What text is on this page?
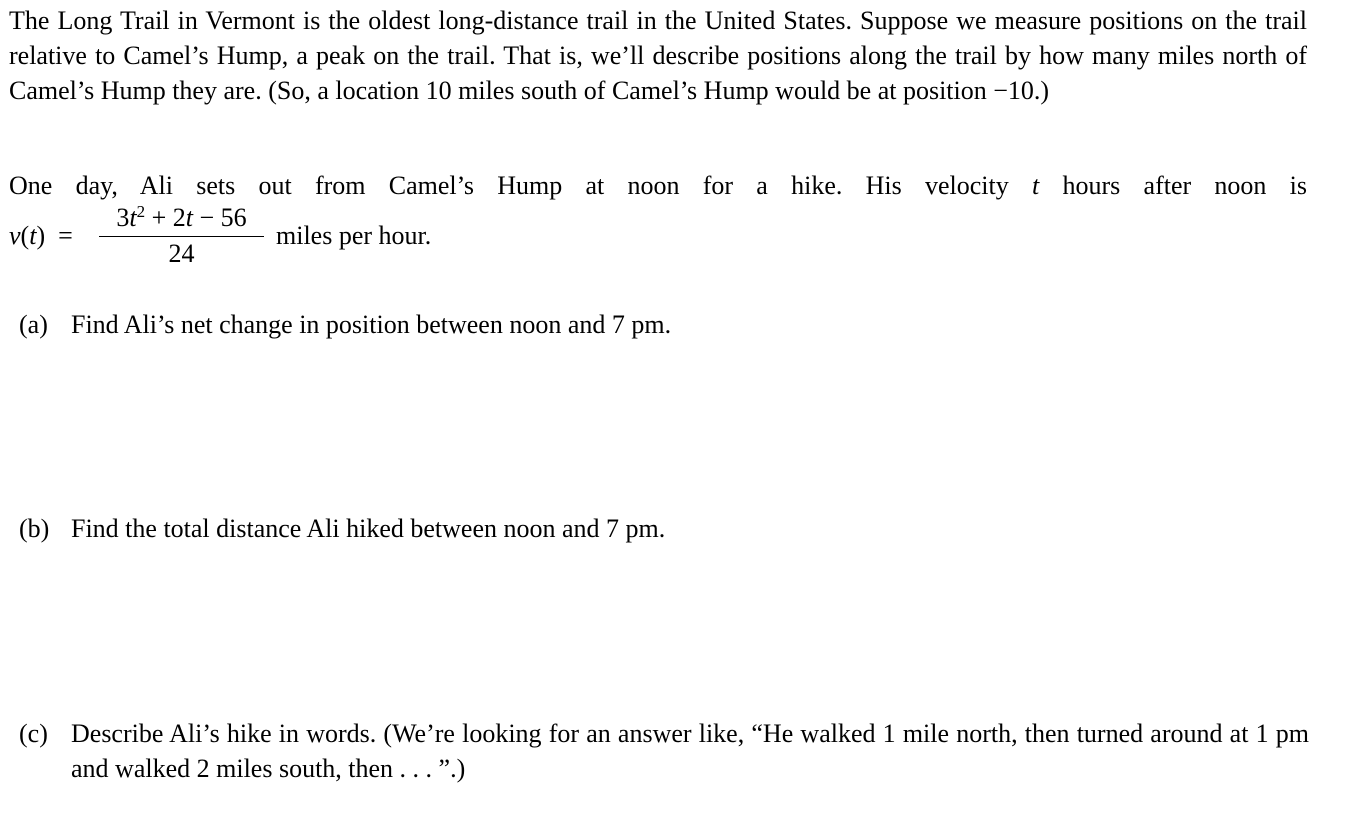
The Long Trail in Vermont is the oldest long-distance trail in the United States. Suppose we measure positions on the trail relative to Camel’s Hump, a peak on the trail. That is, we’ll describe positions along the trail by how many miles north of Camel’s Hump they are. (So, a location 10 miles south of Camel’s Hump would be at position −10.)
One day, Ali sets out from Camel’s Hump at noon for a hike. His velocity t hours after noon is
v(t) =
$3t^2 + 2t - 56$
24
miles per hour.
(a) Find Ali’s net change in position between noon and 7 pm.
(b) Find the total distance Ali hiked between noon and 7 pm.
(c) Describe Ali’s hike in words. (We’re looking for an answer like, “He walked 1 mile north, then turned around at 1 pm and walked 2 miles south, then . . . ”.)
